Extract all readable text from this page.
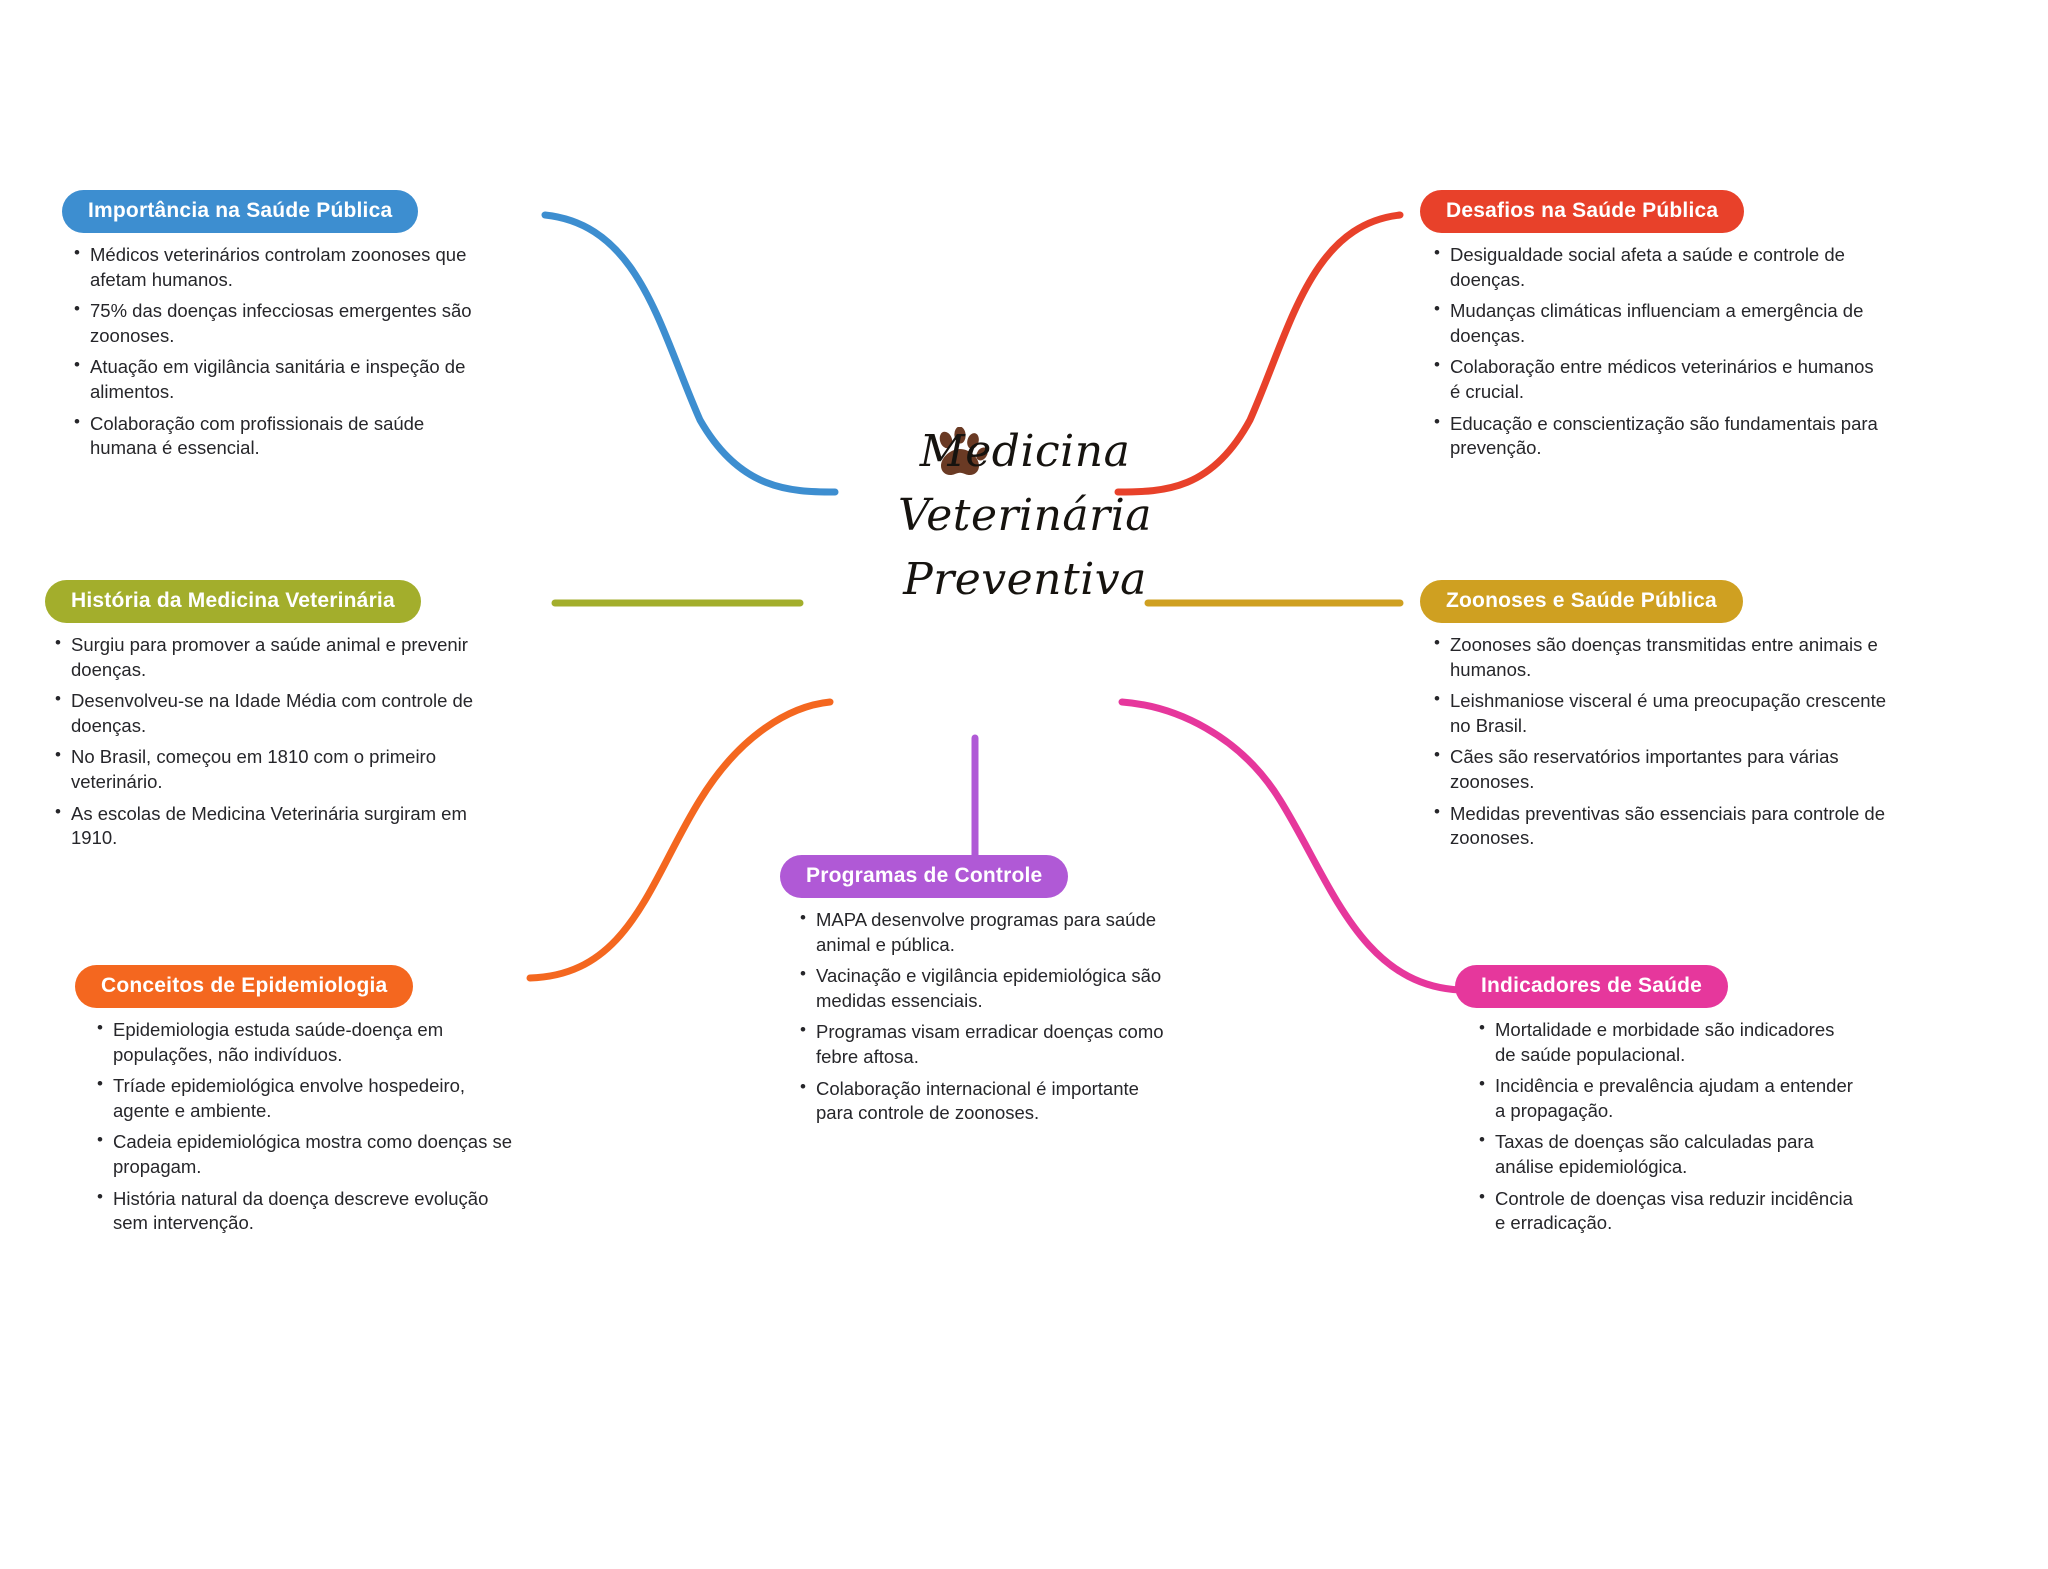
Medicina
Veterinária
Preventiva
Importância na Saúde Pública
• Médicos veterinários controlam zoonoses que afetam humanos.
• 75% das doenças infecciosas emergentes são zoonoses.
• Atuação em vigilância sanitária e inspeção de alimentos.
• Colaboração com profissionais de saúde humana é essencial.
Desafios na Saúde Pública
• Desigualdade social afeta a saúde e controle de doenças.
• Mudanças climáticas influenciam a emergência de doenças.
• Colaboração entre médicos veterinários e humanos é crucial.
• Educação e conscientização são fundamentais para prevenção.
História da Medicina Veterinária
• Surgiu para promover a saúde animal e prevenir doenças.
• Desenvolveu-se na Idade Média com controle de doenças.
• No Brasil, começou em 1810 com o primeiro veterinário.
• As escolas de Medicina Veterinária surgiram em 1910.
Zoonoses e Saúde Pública
• Zoonoses são doenças transmitidas entre animais e humanos.
• Leishmaniose visceral é uma preocupação crescente no Brasil.
• Cães são reservatórios importantes para várias zoonoses.
• Medidas preventivas são essenciais para controle de zoonoses.
Conceitos de Epidemiologia
• Epidemiologia estuda saúde-doença em populações, não indivíduos.
• Tríade epidemiológica envolve hospedeiro, agente e ambiente.
• Cadeia epidemiológica mostra como doenças se propagam.
• História natural da doença descreve evolução sem intervenção.
Programas de Controle
• MAPA desenvolve programas para saúde animal e pública.
• Vacinação e vigilância epidemiológica são medidas essenciais.
• Programas visam erradicar doenças como febre aftosa.
• Colaboração internacional é importante para controle de zoonoses.
Indicadores de Saúde
• Mortalidade e morbidade são indicadores de saúde populacional.
• Incidência e prevalência ajudam a entender a propagação.
• Taxas de doenças são calculadas para análise epidemiológica.
• Controle de doenças visa reduzir incidência e erradicação.
